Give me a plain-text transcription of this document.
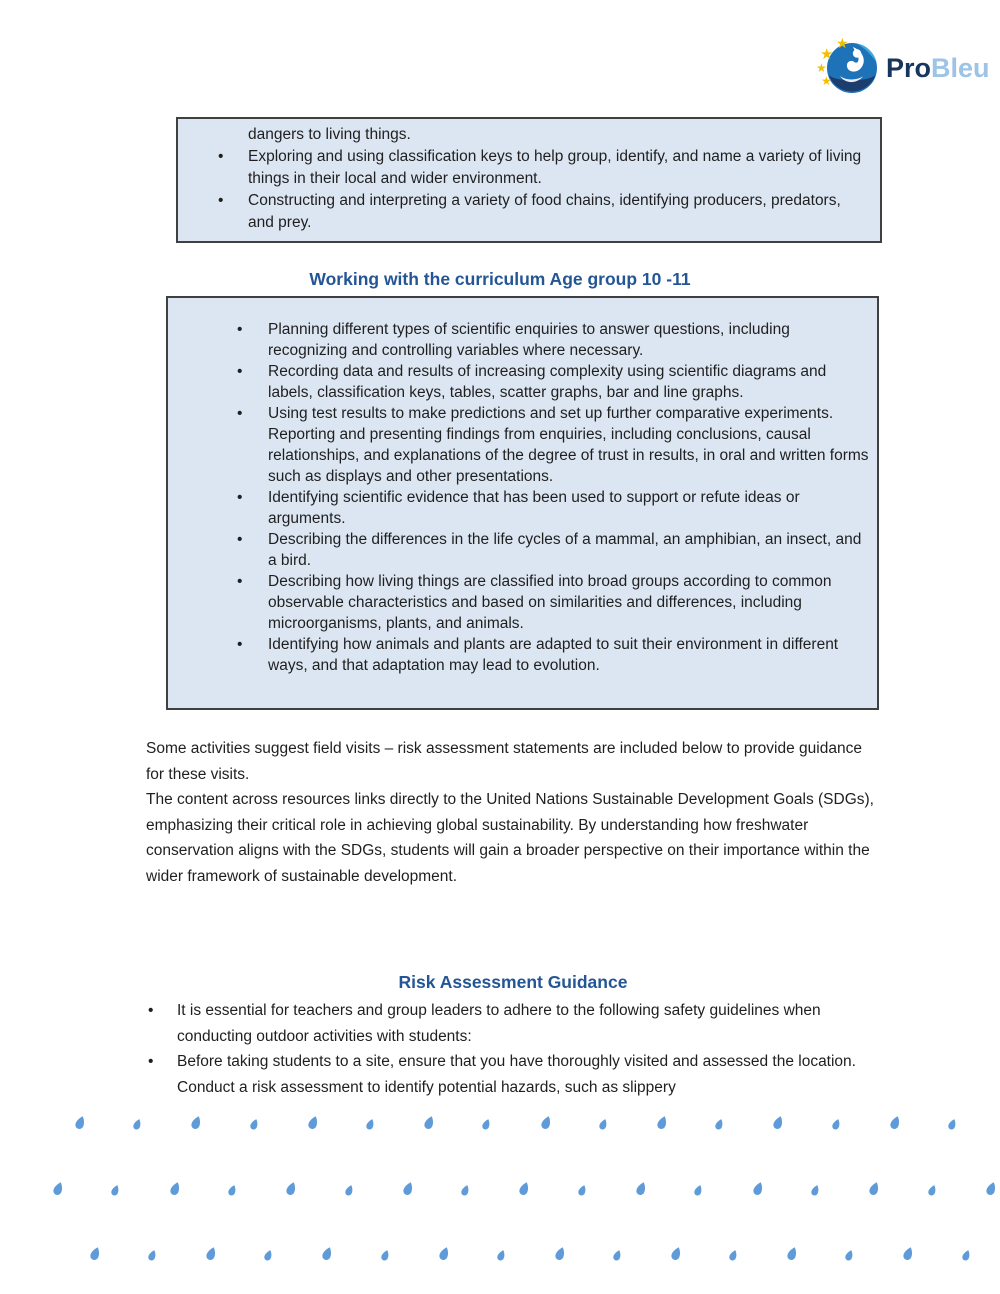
★
★
★
★ ProBleu

dangers to living things.

• Exploring and using classification keys to help group, identify, and name a variety of living things in their local and wider environment.
• Constructing and interpreting a variety of food chains, identifying producers, predators, and prey.
Working with the curriculum Age group 10 -11
• Planning different types of scientific enquiries to answer questions, including recognizing and controlling variables where necessary.
• Recording data and results of increasing complexity using scientific diagrams and labels, classification keys, tables, scatter graphs, bar and line graphs.
• Using test results to make predictions and set up further comparative experiments. Reporting and presenting findings from enquiries, including conclusions, causal relationships, and explanations of the degree of trust in results, in oral and written forms such as displays and other presentations.
• Identifying scientific evidence that has been used to support or refute ideas or arguments.
• Describing the differences in the life cycles of a mammal, an amphibian, an insect, and a bird.
• Describing how living things are classified into broad groups according to common observable characteristics and based on similarities and differences, including microorganisms, plants, and animals.
• Identifying how animals and plants are adapted to suit their environment in different ways, and that adaptation may lead to evolution.

Some activities suggest field visits – risk assessment statements are included below to provide guidance for these visits.

The content across resources links directly to the United Nations Sustainable Development Goals (SDGs), emphasizing their critical role in achieving global sustainability. By understanding how freshwater conservation aligns with the SDGs, students will gain a broader perspective on their importance within the wider framework of sustainable development.

Risk Assessment Guidance
• It is essential for teachers and group leaders to adhere to the following safety guidelines when conducting outdoor activities with students:
• Before taking students to a site, ensure that you have thoroughly visited and assessed the location. Conduct a risk assessment to identify potential hazards, such as slippery
